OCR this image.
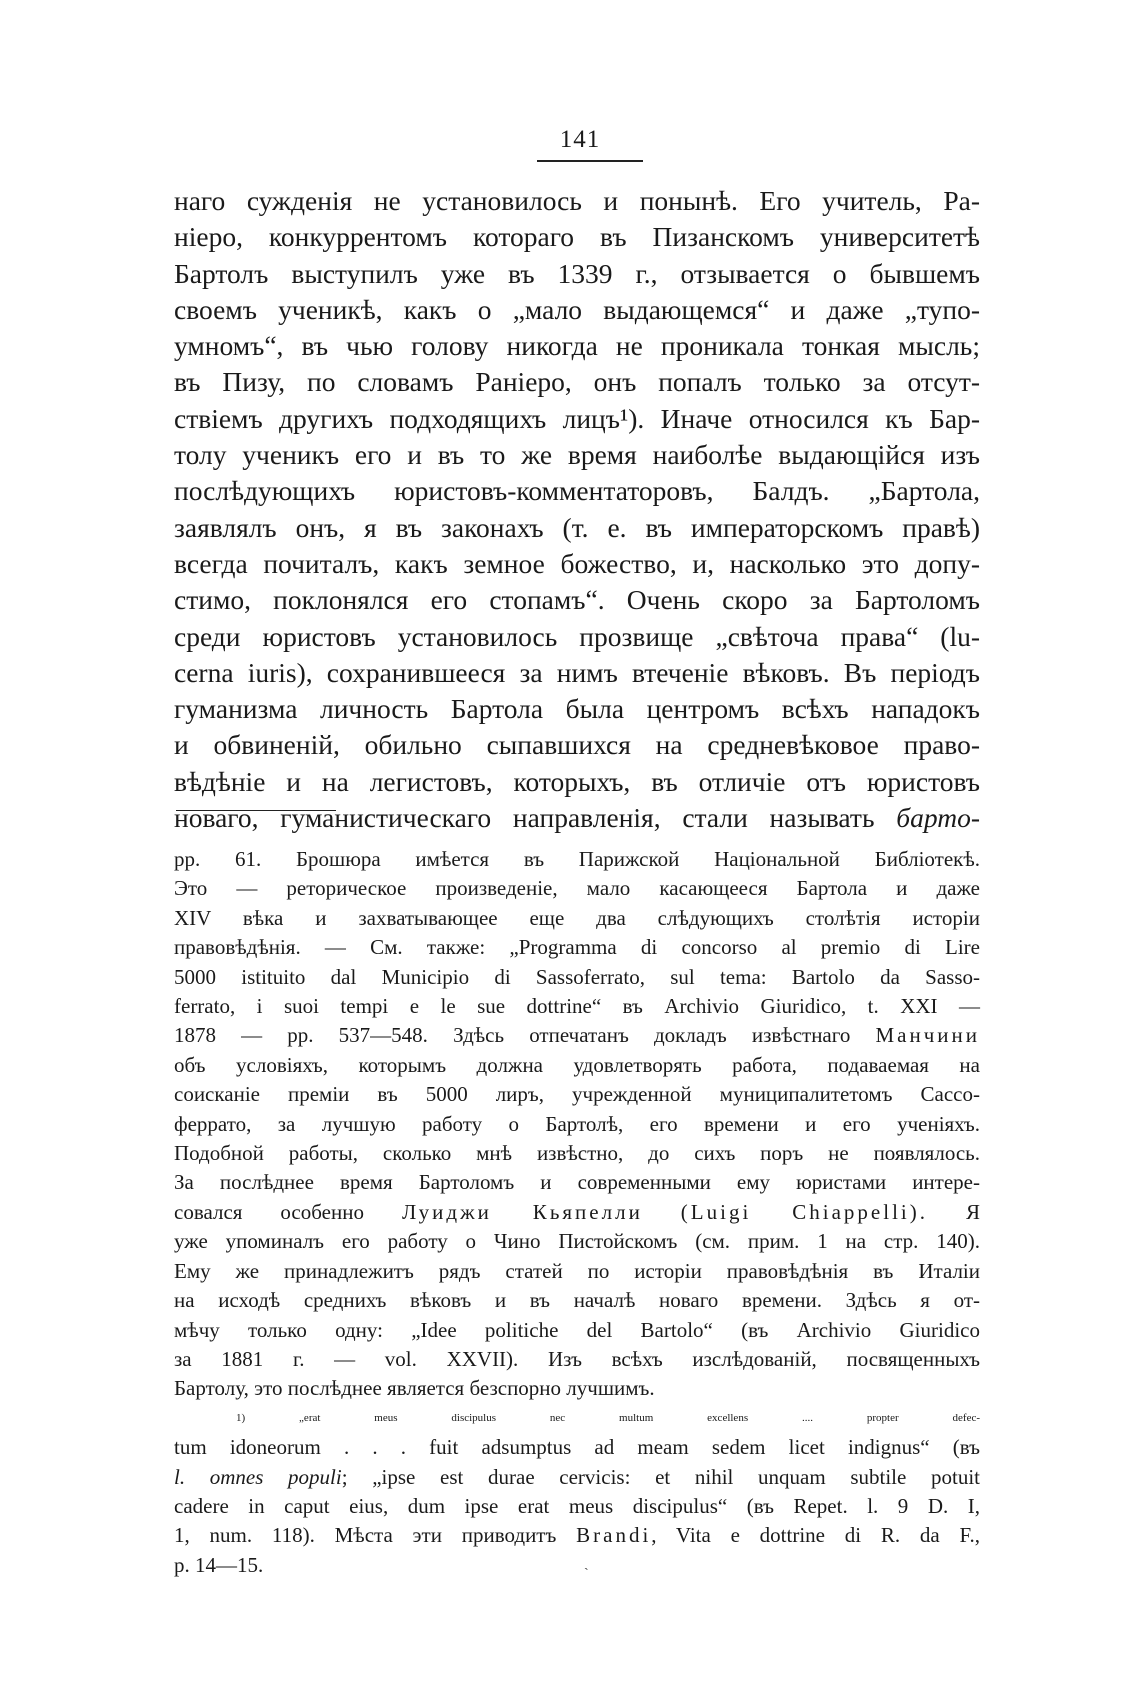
141
наго сужденія не установилось и понынѣ. Его учитель, Ра-
ніеро, конкуррентомъ котораго въ Пизанскомъ университетѣ
Бартолъ выступилъ уже въ 1339 г., отзывается о бывшемъ
своемъ ученикѣ, какъ о „мало выдающемся“ и даже „тупо-
умномъ“, въ чью голову никогда не проникала тонкая мысль;
въ Пизу, по словамъ Раніеро, онъ попалъ только за отсут-
ствіемъ другихъ подходящихъ лицъ¹). Иначе относился къ Бар-
толу ученикъ его и въ то же время наиболѣе выдающійся изъ
послѣдующихъ юристовъ-комментаторовъ, Балдъ. „Бартола,
заявлялъ онъ, я въ законахъ (т. е. въ императорскомъ правѣ)
всегда почиталъ, какъ земное божество, и, насколько это допу-
стимо, поклонялся его стопамъ“. Очень скоро за Бартоломъ
среди юристовъ установилось прозвище „свѣточа права“ (lu-
cerna iuris), сохранившееся за нимъ втеченіе вѣковъ. Въ періодъ
гуманизма личность Бартола была центромъ всѣхъ нападокъ
и обвиненій, обильно сыпавшихся на средневѣковое право-
вѣдѣніе и на легистовъ, которыхъ, въ отличіе отъ юристовъ
новаго, гуманистическаго направленія, стали называть барто-
pp. 61. Брошюра имѣется въ Парижской Національной Библіотекѣ.
Это — реторическое произведеніе, мало касающееся Бартола и даже
XIV вѣка и захватывающее еще два слѣдующихъ столѣтія исторіи
правовѣдѣнія. — См. также: „Programma di concorso al premio di Lire
5000 istituito dal Municipio di Sassoferrato, sul tema: Bartolo da Sasso-
ferrato, i suoi tempi e le sue dottrine“ въ Archivio Giuridico, t. XXI —
1878 — pp. 537—548. Здѣсь отпечатанъ докладъ извѣстнаго Манчини
объ условіяхъ, которымъ должна удовлетворять работа, подаваемая на
соисканіе преміи въ 5000 лиръ, учрежденной муниципалитетомъ Сассо-
феррато, за лучшую работу о Бартолѣ, его времени и его ученіяхъ.
Подобной работы, сколько мнѣ извѣстно, до сихъ поръ не появлялось.
За послѣднее время Бартоломъ и современными ему юристами интере-
совался особенно Луиджи Кьяпелли (Luigi Chiappelli). Я
уже упоминалъ его работу о Чино Пистойскомъ (см. прим. 1 на стр. 140).
Ему же принадлежитъ рядъ статей по исторіи правовѣдѣнія въ Италіи
на исходѣ среднихъ вѣковъ и въ началѣ новаго времени. Здѣсь я от-
мѣчу только одну: „Idee politiche del Bartolo“ (въ Archivio Giuridico
за 1881 г. — vol. XXVII). Изъ всѣхъ изслѣдованій, посвященныхъ
Бартолу, это послѣднее является безспорно лучшимъ.
1) „erat meus discipulus nec multum excellens .... propter defec-
tum idoneorum . . . fuit adsumptus ad meam sedem licet indignus“ (въ
l. omnes populi; „ipse est durae cervicis: et nihil unquam subtile potuit
cadere in caput eius, dum ipse erat meus discipulus“ (въ Repet. l. 9 D. I,
1, num. 118). Мѣста эти приводитъ Brandi, Vita e dottrine di R. da F.,
p. 14—15.	ˎ
